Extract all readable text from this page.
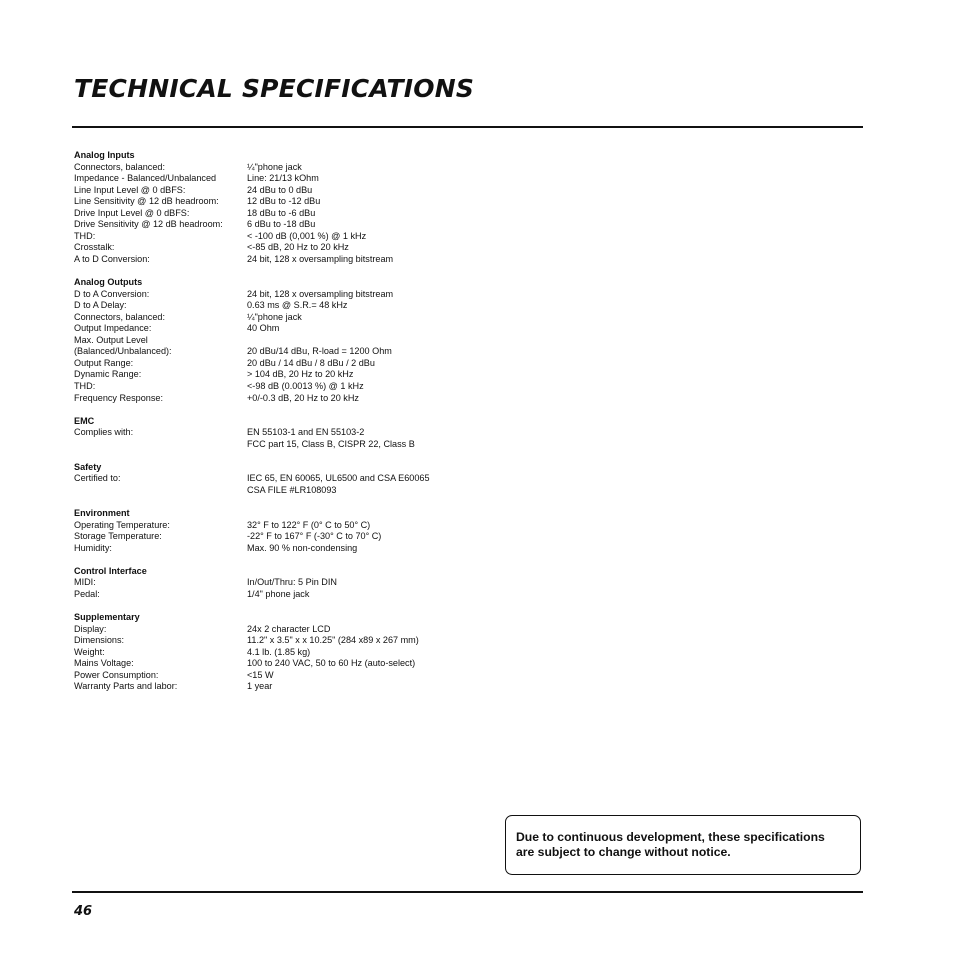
TECHNICAL SPECIFICATIONS
Analog Inputs
Connectors, balanced:	¼"phone jack
Impedance - Balanced/Unbalanced	Line: 21/13 kOhm
Line Input Level @ 0 dBFS:	24 dBu to 0 dBu
Line Sensitivity @ 12 dB headroom:	12 dBu to -12 dBu
Drive Input Level @ 0 dBFS:	18 dBu to -6 dBu
Drive Sensitivity @ 12 dB headroom:	6 dBu to -18 dBu
THD:	< -100 dB (0,001 %) @ 1 kHz
Crosstalk:	<-85 dB, 20 Hz to 20 kHz
A to D Conversion:	24 bit, 128 x oversampling bitstream
Analog Outputs
D to A Conversion:	24 bit, 128 x oversampling bitstream
D to A Delay:	0.63 ms @ S.R.= 48 kHz
Connectors, balanced:	¼"phone jack
Output Impedance:	40 Ohm
Max. Output Level
(Balanced/Unbalanced):	20 dBu/14 dBu, R-load = 1200 Ohm
Output Range:	20 dBu / 14 dBu / 8 dBu / 2 dBu
Dynamic Range:	> 104 dB, 20 Hz to 20 kHz
THD:	<-98 dB (0.0013 %) @ 1 kHz
Frequency Response:	+0/-0.3 dB, 20 Hz to 20 kHz
EMC
Complies with:	EN 55103-1 and EN 55103-2
FCC part 15, Class B, CISPR 22, Class B
Safety
Certified to:	IEC 65, EN 60065, UL6500 and CSA E60065
CSA FILE #LR108093
Environment
Operating Temperature:	32° F to 122° F (0° C to 50° C)
Storage Temperature:	-22° F to 167° F (-30° C to 70° C)
Humidity:	Max. 90 % non-condensing
Control Interface
MIDI:	In/Out/Thru: 5 Pin DIN
Pedal:	1/4" phone jack
Supplementary
Display:	24x 2 character LCD
Dimensions:	11.2" x 3.5" x x 10.25" (284 x89 x 267 mm)
Weight:	4.1 lb. (1.85 kg)
Mains Voltage:	100 to 240 VAC, 50 to 60 Hz (auto-select)
Power Consumption:	<15 W
Warranty Parts and labor:	1 year
Due to continuous development, these specifications
are subject to change without notice.
46
